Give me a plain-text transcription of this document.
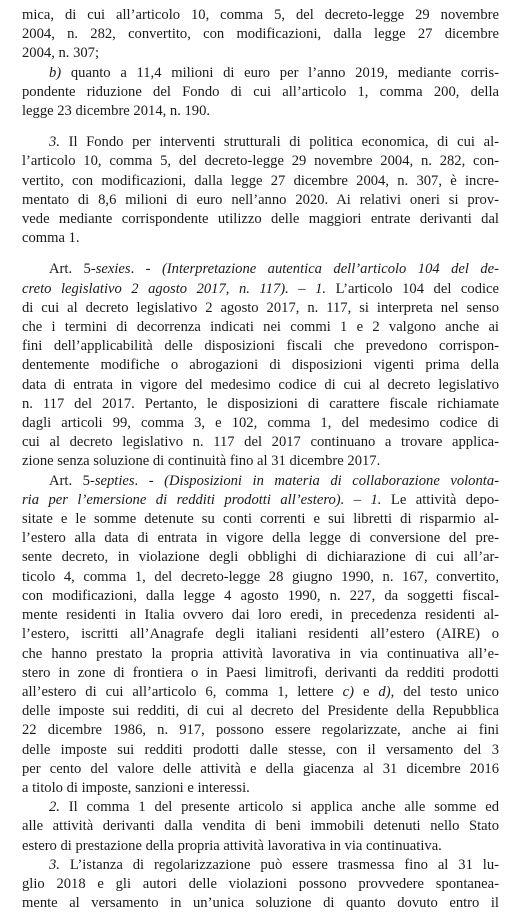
mica, di cui all’articolo 10, comma 5, del decreto-legge 29 novembre
2004, n. 282, convertito, con modificazioni, dalla legge 27 dicembre
2004, n. 307;

b) quanto a 11,4 milioni di euro per l’anno 2019, mediante corris-
pondente riduzione del Fondo di cui all’articolo 1, comma 200, della
legge 23 dicembre 2014, n. 190.

3. Il Fondo per interventi strutturali di politica economica, di cui al-
l’articolo 10, comma 5, del decreto-legge 29 novembre 2004, n. 282, con-
vertito, con modificazioni, dalla legge 27 dicembre 2004, n. 307, è incre-
mentato di 8,6 milioni di euro nell’anno 2020. Ai relativi oneri si prov-
vede mediante corrispondente utilizzo delle maggiori entrate derivanti dal
comma 1.

Art. 5-sexies. - (Interpretazione autentica dell’articolo 104 del de-
creto legislativo 2 agosto 2017, n. 117). – 1. L’articolo 104 del codice
di cui al decreto legislativo 2 agosto 2017, n. 117, si interpreta nel senso
che i termini di decorrenza indicati nei commi 1 e 2 valgono anche ai
fini dell’applicabilità delle disposizioni fiscali che prevedono corrispon-
dentemente modifiche o abrogazioni di disposizioni vigenti prima della
data di entrata in vigore del medesimo codice di cui al decreto legislativo
n. 117 del 2017. Pertanto, le disposizioni di carattere fiscale richiamate
dagli articoli 99, comma 3, e 102, comma 1, del medesimo codice di
cui al decreto legislativo n. 117 del 2017 continuano a trovare applica-
zione senza soluzione di continuità fino al 31 dicembre 2017.

Art. 5-septies. - (Disposizioni in materia di collaborazione volonta-
ria per l’emersione di redditi prodotti all’estero). – 1. Le attività depo-
sitate e le somme detenute su conti correnti e sui libretti di risparmio al-
l’estero alla data di entrata in vigore della legge di conversione del pre-
sente decreto, in violazione degli obblighi di dichiarazione di cui all’ar-
ticolo 4, comma 1, del decreto-legge 28 giugno 1990, n. 167, convertito,
con modificazioni, dalla legge 4 agosto 1990, n. 227, da soggetti fiscal-
mente residenti in Italia ovvero dai loro eredi, in precedenza residenti al-
l’estero, iscritti all’Anagrafe degli italiani residenti all’estero (AIRE) o
che hanno prestato la propria attività lavorativa in via continuativa all’e-
stero in zone di frontiera o in Paesi limitrofi, derivanti da redditi prodotti
all’estero di cui all’articolo 6, comma 1, lettere c) e d), del testo unico
delle imposte sui redditi, di cui al decreto del Presidente della Repubblica
22 dicembre 1986, n. 917, possono essere regolarizzate, anche ai fini
delle imposte sui redditi prodotti dalle stesse, con il versamento del 3
per cento del valore delle attività e della giacenza al 31 dicembre 2016
a titolo di imposte, sanzioni e interessi.

2. Il comma 1 del presente articolo si applica anche alle somme ed
alle attività derivanti dalla vendita di beni immobili detenuti nello Stato
estero di prestazione della propria attività lavorativa in via continuativa.

3. L’istanza di regolarizzazione può essere trasmessa fino al 31 lu-
glio 2018 e gli autori delle violazioni possono provvedere spontanea-
mente al versamento in un’unica soluzione di quanto dovuto entro il
